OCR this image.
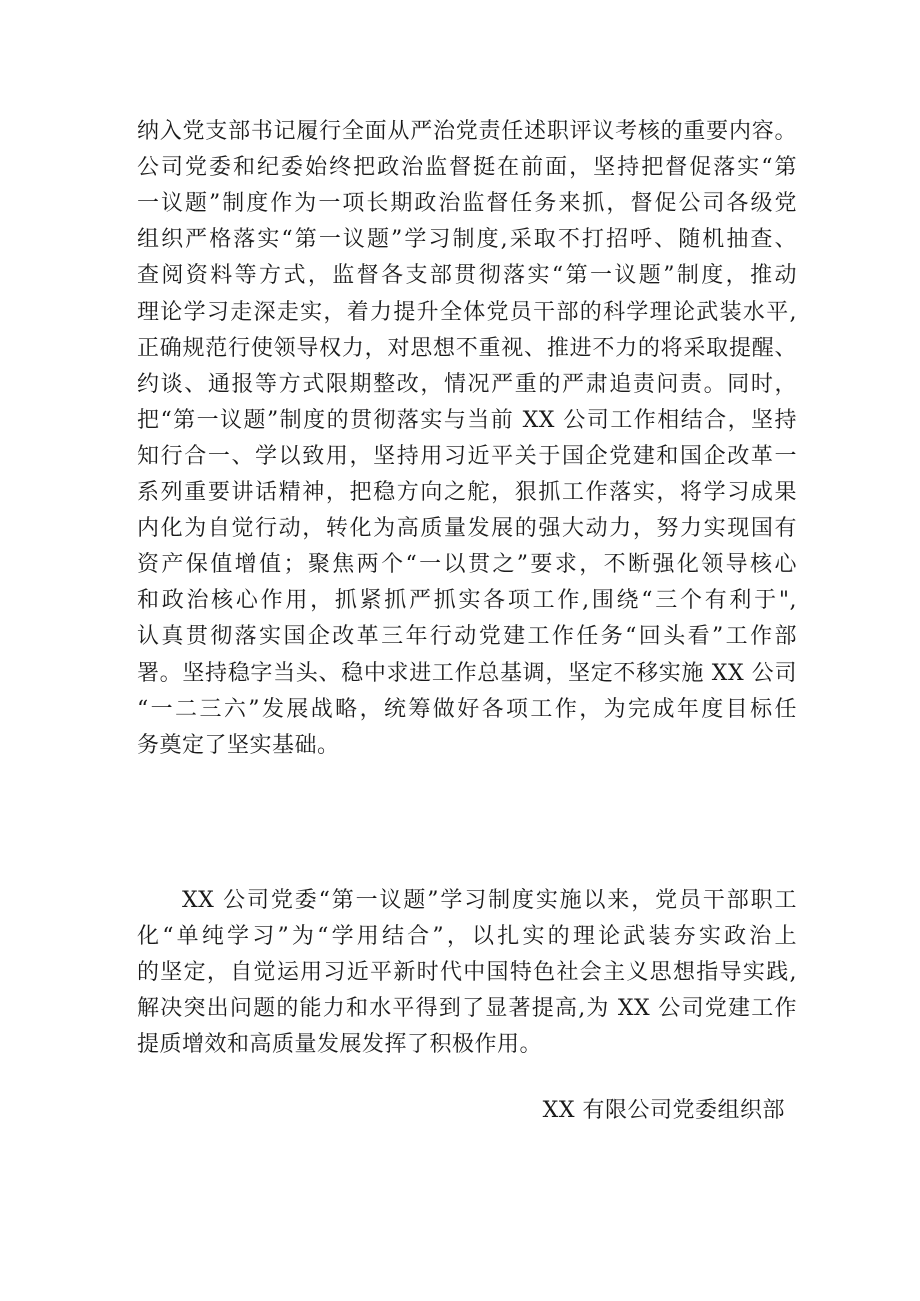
纳入党支部书记履行全面从严治党责任述职评议考核的重要内容。
公司党委和纪委始终把政治监督挺在前面，坚持把督促落实“第
一议题”制度作为一项长期政治监督任务来抓，督促公司各级党
组织严格落实“第一议题”学习制度,采取不打招呼、随机抽查、
查阅资料等方式，监督各支部贯彻落实“第一议题”制度，推动
理论学习走深走实，着力提升全体党员干部的科学理论武装水平,
正确规范行使领导权力，对思想不重视、推进不力的将采取提醒、
约谈、通报等方式限期整改，情况严重的严肃追责问责。同时，
把“第一议题”制度的贯彻落实与当前 XX 公司工作相结合，坚持
知行合一、学以致用，坚持用习近平关于国企党建和国企改革一
系列重要讲话精神，把稳方向之舵，狠抓工作落实，将学习成果
内化为自觉行动，转化为高质量发展的强大动力，努力实现国有
资产保值增值；聚焦两个“一以贯之”要求，不断强化领导核心
和政治核心作用，抓紧抓严抓实各项工作,围绕“三个有利于",
认真贯彻落实国企改革三年行动党建工作任务“回头看”工作部
署。坚持稳字当头、稳中求进工作总基调，坚定不移实施 XX 公司
“一二三六”发展战略，统筹做好各项工作，为完成年度目标任
务奠定了坚实基础。
XX 公司党委“第一议题”学习制度实施以来，党员干部职工
化“单纯学习”为“学用结合”，以扎实的理论武装夯实政治上
的坚定，自觉运用习近平新时代中国特色社会主义思想指导实践,
解决突出问题的能力和水平得到了显著提高,为 XX 公司党建工作
提质增效和高质量发展发挥了积极作用。
XX 有限公司党委组织部
